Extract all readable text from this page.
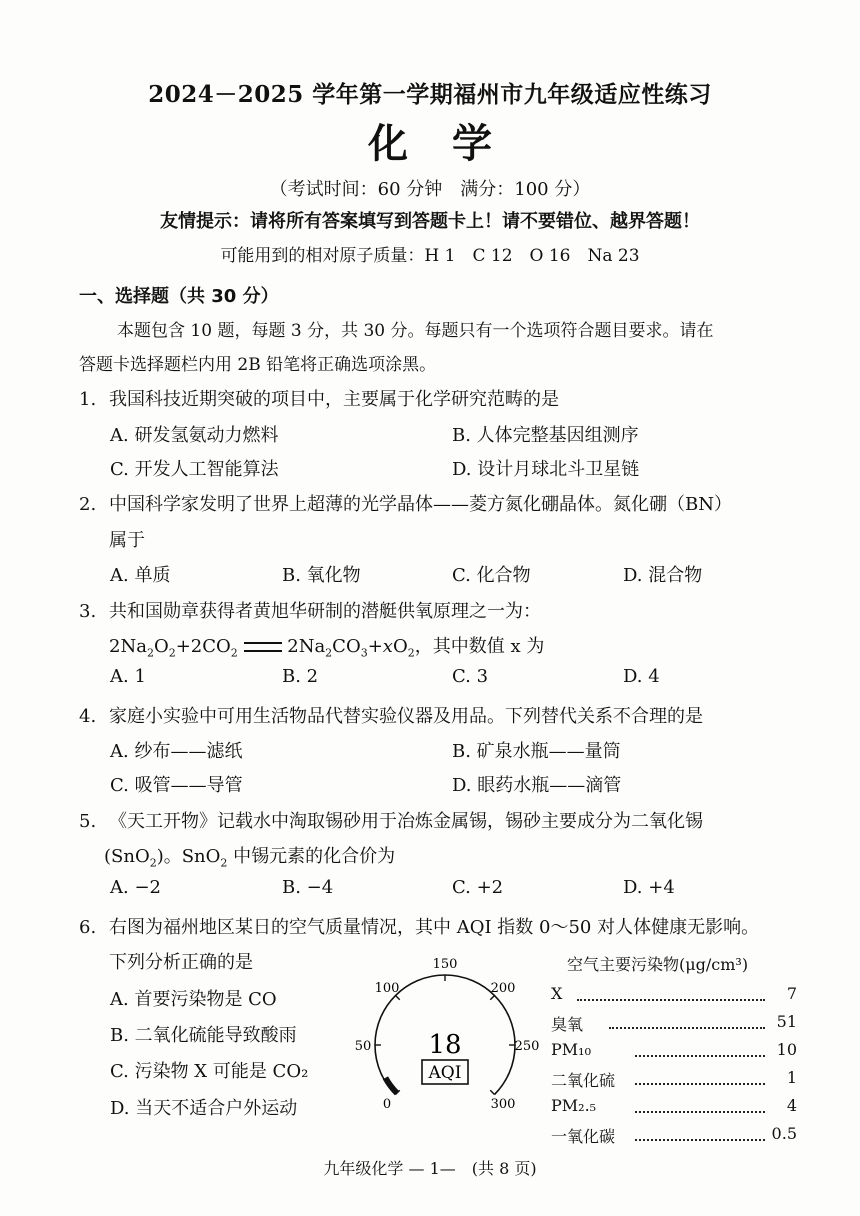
2024－2025 学年第一学期福州市九年级适应性练习
化学
（考试时间：60 分钟　满分：100 分）
友情提示：请将所有答案填写到答题卡上！请不要错位、越界答题！
可能用到的相对原子质量：H 1　C 12　O 16　Na 23
一、选择题（共 30 分）
本题包含 10 题，每题 3 分，共 30 分。每题只有一个选项符合题目要求。请在
答题卡选择题栏内用 2B 铅笔将正确选项涂黑。
1. 我国科技近期突破的项目中，主要属于化学研究范畴的是
A. 研发氢氨动力燃料	B. 人体完整基因组测序
C. 开发人工智能算法	D. 设计月球北斗卫星链
2. 中国科学家发明了世界上超薄的光学晶体——菱方氮化硼晶体。氮化硼（BN）
属于
A. 单质	B. 氧化物	C. 化合物	D. 混合物
3. 共和国勋章获得者黄旭华研制的潜艇供氧原理之一为：
$2Na_2O_2+2CO_2$  $2Na_2CO_3+xO_2$，其中数值 x 为
A. 1	B. 2	C. 3	D. 4
4. 家庭小实验中可用生活物品代替实验仪器及用品。下列替代关系不合理的是
A. 纱布——滤纸	B. 矿泉水瓶——量筒
C. 吸管——导管	D. 眼药水瓶——滴管
5. 《天工开物》记载水中淘取锡砂用于冶炼金属锡，锡砂主要成分为二氧化锡
(SnO$_2$)。SnO$_2$ 中锡元素的化合价为
A. −2	B. −4	C. +2	D. +4
6. 右图为福州地区某日的空气质量情况，其中 AQI 指数 0～50 对人体健康无影响。
下列分析正确的是
A. 首要污染物是 CO
B. 二氧化硫能导致酸雨
C. 污染物 X 可能是 CO₂
D. 当天不适合户外运动	0
50
100
150
200
250
300
18
AQI
空气主要污染物(μg/cm³)
X	7
臭氧	51
PM₁₀	10
二氧化硫	1
PM₂.₅	4
一氧化碳	0.5
九年级化学 — 1—　(共 8 页)
